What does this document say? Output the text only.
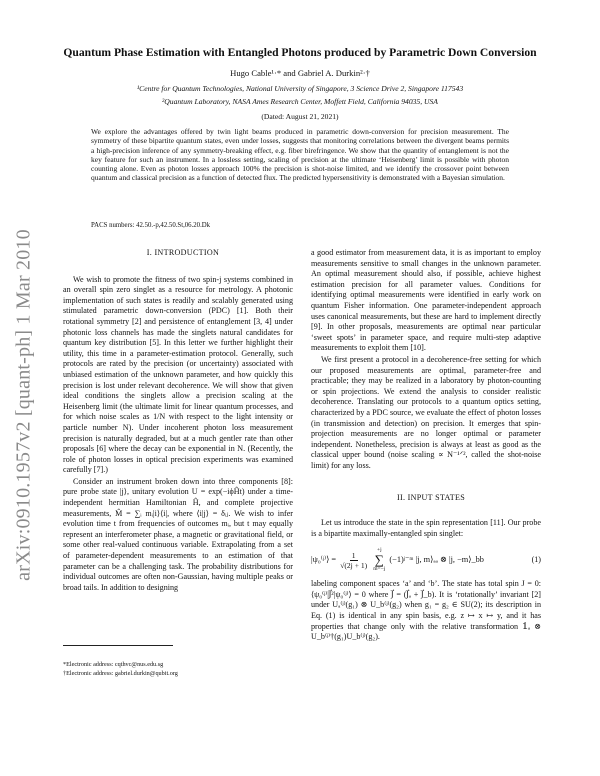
arXiv:0910.1957v2 [quant-ph] 1 Mar 2010
Quantum Phase Estimation with Entangled Photons produced by Parametric Down Conversion
Hugo Cable¹·* and Gabriel A. Durkin²·†
¹Centre for Quantum Technologies, National University of Singapore, 3 Science Drive 2, Singapore 117543
²Quantum Laboratory, NASA Ames Research Center, Moffett Field, California 94035, USA
(Dated: August 21, 2021)
We explore the advantages offered by twin light beams produced in parametric down-conversion for precision measurement. The symmetry of these bipartite quantum states, even under losses, suggests that monitoring correlations between the divergent beams permits a high-precision inference of any symmetry-breaking effect, e.g. fiber birefringence. We show that the quantity of entanglement is not the key feature for such an instrument. In a lossless setting, scaling of precision at the ultimate ‘Heisenberg’ limit is possible with photon counting alone. Even as photon losses approach 100% the precision is shot-noise limited, and we identify the crossover point between quantum and classical precision as a function of detected flux. The predicted hypersensitivity is demonstrated with a Bayesian simulation.
PACS numbers: 42.50.-p,42.50.St,06.20.Dk

I. INTRODUCTION

We wish to promote the fitness of two spin-j systems combined in an overall spin zero singlet as a resource for metrology. A photonic implementation of such states is readily and scalably generated using stimulated parametric down-conversion (PDC) [1]. Both their rotational symmetry [2] and persistence of entanglement [3, 4] under photonic loss channels has made the singlets natural candidates for quantum key distribution [5]. In this letter we further highlight their utility, this time in a parameter-estimation protocol. Generally, such protocols are rated by the precision (or uncertainty) associated with unbiased estimation of the unknown parameter, and how quickly this precision is lost under relevant decoherence. We will show that given ideal conditions the singlets allow a precision scaling at the Heisenberg limit (the ultimate limit for linear quantum processes, and for which noise scales as 1/N with respect to the light intensity or particle number N). Under incoherent photon loss measurement precision is naturally degraded, but at a much gentler rate than other proposals [6] where the decay can be exponential in N. (Recently, the role of photon losses in optical precision experiments was examined carefully [7].)

Consider an instrument broken down into three components [8]: pure probe state |j⟩, unitary evolution U = exp(−iϕĤt) under a time-independent hermitian Hamiltonian Ĥ, and complete projective measurements, M̂ = ∑ᵢ mᵢ|i⟩⟨i|, where ⟨i|j⟩ = δᵢⱼ. We wish to infer evolution time t from frequencies of outcomes mᵢ, but t may equally represent an interferometer phase, a magnetic or gravitational field, or some other real-valued continuous variable. Extrapolating from a set of parameter-dependent measurements to an estimation of that parameter can be a challenging task. The probability distributions for individual outcomes are often non-Gaussian, having multiple peaks or broad tails. In addition to designing

a good estimator from measurement data, it is as important to employ measurements sensitive to small changes in the unknown parameter. An optimal measurement should also, if possible, achieve highest estimation precision for all parameter values. Conditions for identifying optimal measurements were identified in early work on quantum Fisher information. One parameter-independent approach uses canonical measurements, but these are hard to implement directly [9]. In other proposals, measurements are optimal near particular ‘sweet spots’ in parameter space, and require multi-step adaptive measurements to exploit them [10].

We first present a protocol in a decoherence-free setting for which our proposed measurements are optimal, parameter-free and practicable; they may be realized in a laboratory by photon-counting or spin projections. We extend the analysis to consider realistic decoherence. Translating our protocols to a quantum optics setting, characterized by a PDC source, we evaluate the effect of photon losses (in transmission and detection) on precision. It emerges that spin-projection measurements are no longer optimal or parameter independent. Nonetheless, precision is always at least as good as the classical upper bound (noise scaling ∝ N⁻¹ᐟ², called the shot-noise limit) for any loss.

II. INPUT STATES

Let us introduce the state in the spin representation [11]. Our probe is a bipartite maximally-entangled spin singlet:

|ψ₀⁽ʲ⁾⟩ = $\frac{1}{√(2j + 1)}$

+j
∑
m=−j
(−1)ʲ⁻ᵐ |j, m⟩ₐₐ ⊗ |j, −m⟩_bb	(1)

labeling component spaces ‘a’ and ‘b’. The state has total spin J = 0: ⟨ψ₀⁽ʲ⁾|J⃗²|ψ₀⁽ʲ⁾⟩ = 0 where J⃗ = (J⃗ₐ + J⃗_b). It is ‘rotationally’ invariant [2] under Uₐ⁽ʲ⁾(g₁) ⊗ U_b⁽ʲ⁾(g₂) when g₁ = g₂ ∈ SU(2); its description in Eq. (1) is identical in any spin basis, e.g. z ↦ x ↦ y, and it has properties that change only with the relative transformation 𝟙ₐ ⊗ U_b⁽ʲ⁾†(g₁)U_b⁽ʲ⁾(g₂).

*Electronic address: cqthvc@nus.edu.sg
†Electronic address: gabriel.durkin@qubit.org
